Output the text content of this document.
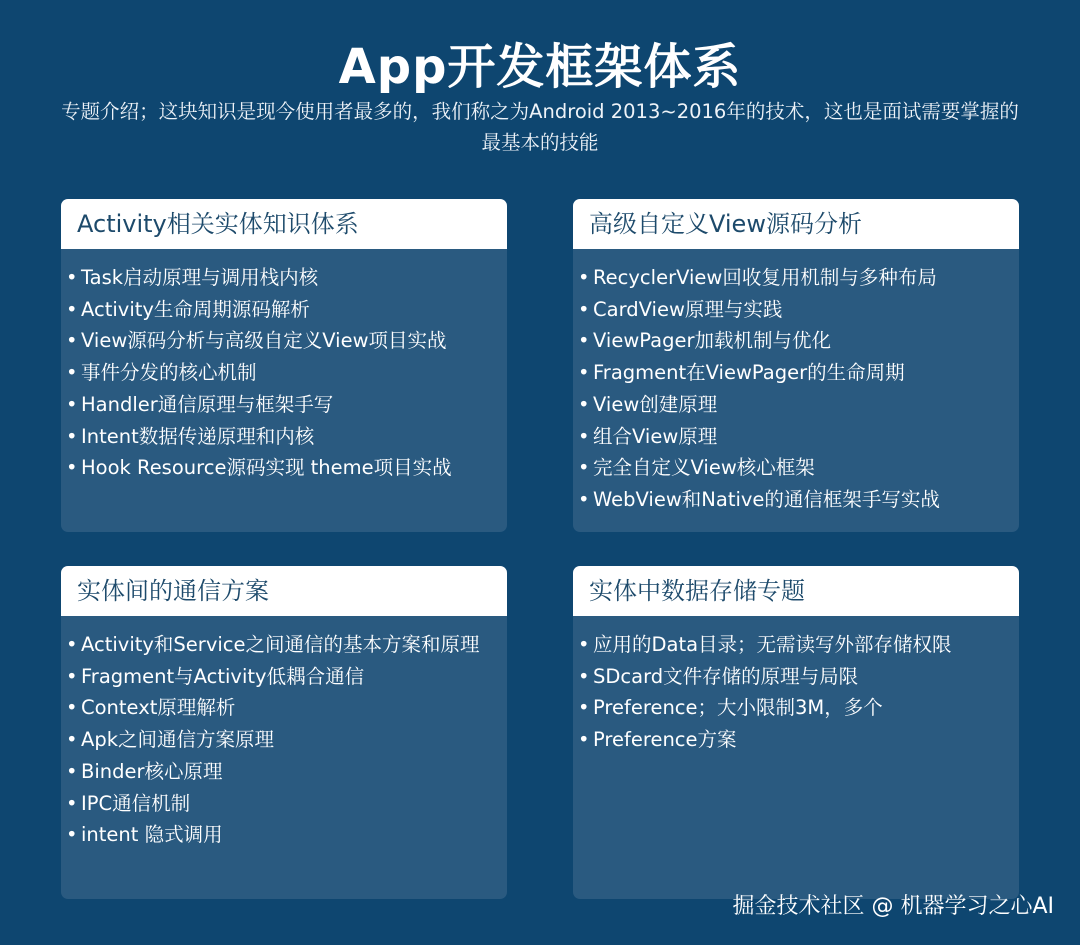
App开发框架体系
专题介绍；这块知识是现今使用者最多的，我们称之为Android 2013~2016年的技术，这也是面试需要掌握的最基本的技能
Activity相关实体知识体系
• Task启动原理与调用栈内核
• Activity生命周期源码解析
• View源码分析与高级自定义View项目实战
• 事件分发的核心机制
• Handler通信原理与框架手写
• Intent数据传递原理和内核
• Hook Resource源码实现 theme项目实战
高级自定义View源码分析
• RecyclerView回收复用机制与多种布局
• CardView原理与实践
• ViewPager加载机制与优化
• Fragment在ViewPager的生命周期
• View创建原理
• 组合View原理
• 完全自定义View核心框架
• WebView和Native的通信框架手写实战
实体间的通信方案
• Activity和Service之间通信的基本方案和原理
• Fragment与Activity低耦合通信
• Context原理解析
• Apk之间通信方案原理
• Binder核心原理
• IPC通信机制
• intent 隐式调用
实体中数据存储专题
• 应用的Data目录；无需读写外部存储权限
• SDcard文件存储的原理与局限
• Preference；大小限制3M，多个
• Preference方案
掘金技术社区 @ 机器学习之心AI
